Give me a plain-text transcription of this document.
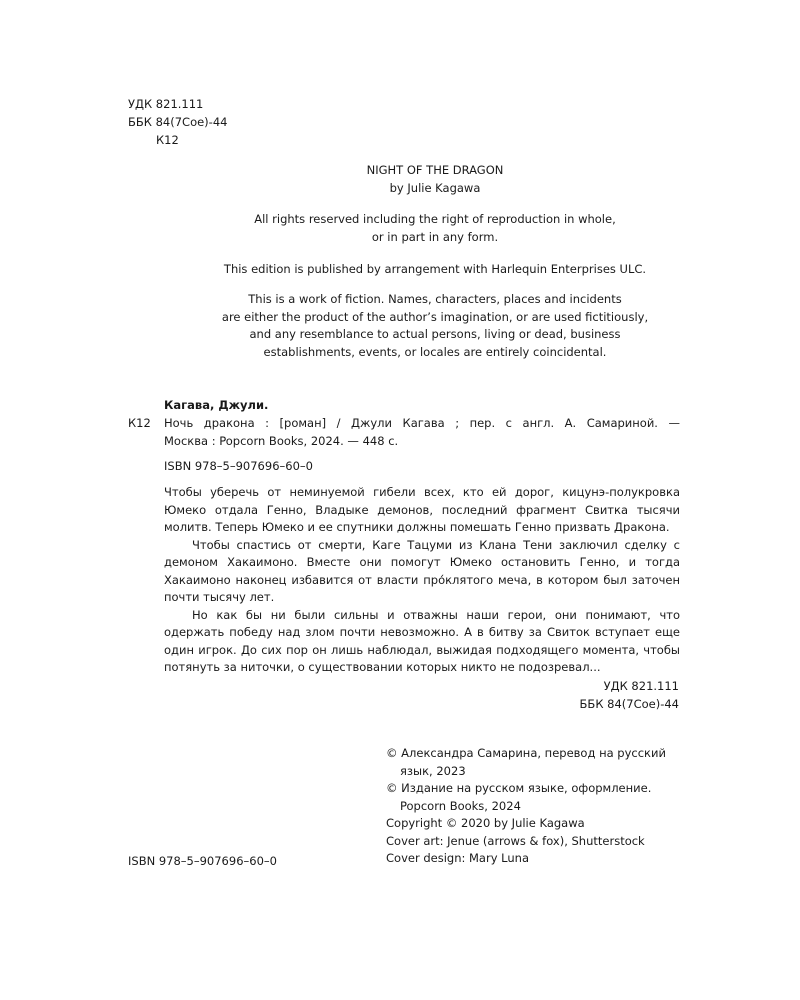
УДК 821.111
ББК 84(7Сое)-44
К12
NIGHT OF THE DRAGON
by Julie Kagawa
All rights reserved including the right of reproduction in whole,
or in part in any form.
This edition is published by arrangement with Harlequin Enterprises ULC.
This is a work of fiction. Names, characters, places and incidents
are either the product of the author’s imagination, or are used fictitiously,
and any resemblance to actual persons, living or dead, business
establishments, events, or locales are entirely coincidental.
Кагава, Джули.
К12 Ночь дракона : [роман] / Джули Кагава ; пер. с англ. А. Самариной. —
Москва : Popcorn Books, 2024. — 448 с.
ISBN 978–5–907696–60–0

Чтобы уберечь от неминуемой гибели всех, кто ей дорог, кицунэ-полукровка Юмеко отдала Генно, Владыке демонов, последний фрагмент Свитка тысячи молитв. Теперь Юмеко и ее спутники должны помешать Генно призвать Дракона.

Чтобы спастись от смерти, Каге Тацуми из Клана Тени заключил сделку с демоном Хакаимоно. Вместе они помогут Юмеко остановить Генно, и тогда Хакаимоно наконец избавится от власти про́клятого меча, в котором был заточен почти тысячу лет.

Но как бы ни были сильны и отважны наши герои, они понимают, что одержать победу над злом почти невозможно. А в битву за Свиток вступает еще один игрок. До сих пор он лишь наблюдал, выжидая подходящего момента, чтобы потянуть за ниточки, о существовании которых никто не подозревал...

УДК 821.111
ББК 84(7Сое)-44
© Александра Самарина, перевод на русский
язык, 2023
© Издание на русском языке, оформление.
Popcorn Books, 2024
Copyright © 2020 by Julie Kagawa
Cover art: Jenue (arrows & fox), Shutterstock
Cover design: Mary Luna
ISBN 978–5–907696–60–0
